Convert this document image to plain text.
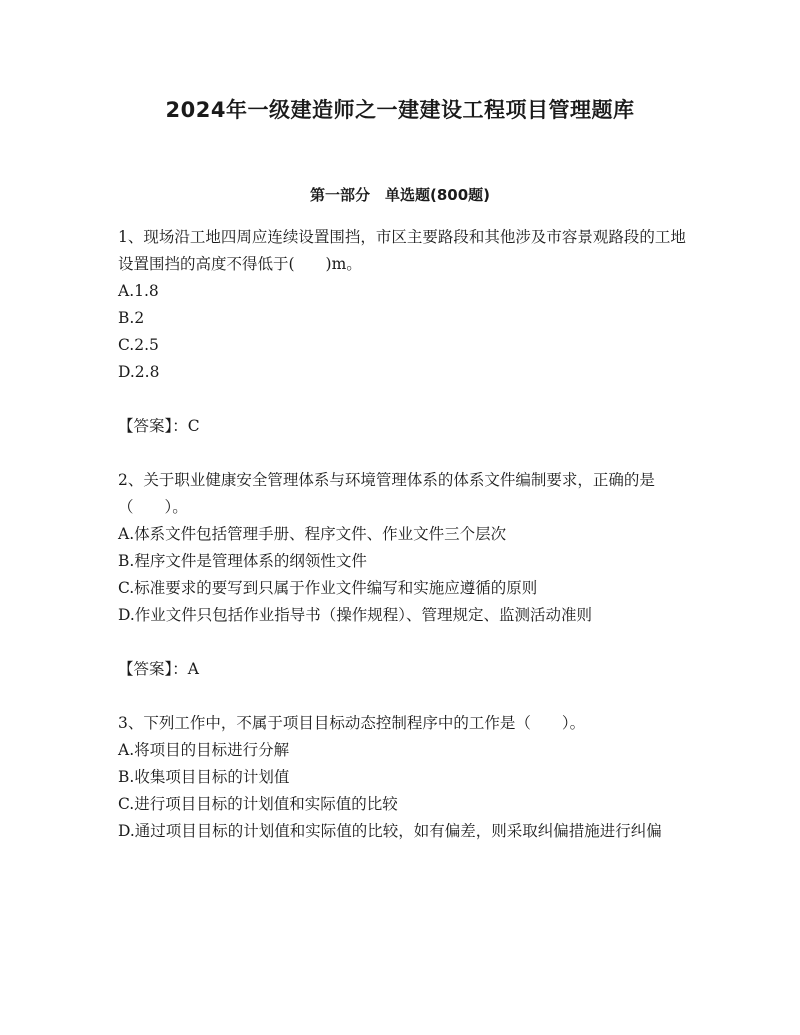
2024年一级建造师之一建建设工程项目管理题库
第一部分　单选题(800题)

1、现场沿工地四周应连续设置围挡，市区主要路段和其他涉及市容景观路段的工地设置围挡的高度不得低于(　　)m。

A.1.8

B.2

C.2.5

D.2.8

【答案】：C

2、关于职业健康安全管理体系与环境管理体系的体系文件编制要求，正确的是（　　）。

A.体系文件包括管理手册、程序文件、作业文件三个层次

B.程序文件是管理体系的纲领性文件

C.标准要求的要写到只属于作业文件编写和实施应遵循的原则

D.作业文件只包括作业指导书（操作规程）、管理规定、监测活动准则

【答案】：A

3、下列工作中，不属于项目目标动态控制程序中的工作是（　　）。

A.将项目的目标进行分解

B.收集项目目标的计划值

C.进行项目目标的计划值和实际值的比较

D.通过项目目标的计划值和实际值的比较，如有偏差，则采取纠偏措施进行纠偏
